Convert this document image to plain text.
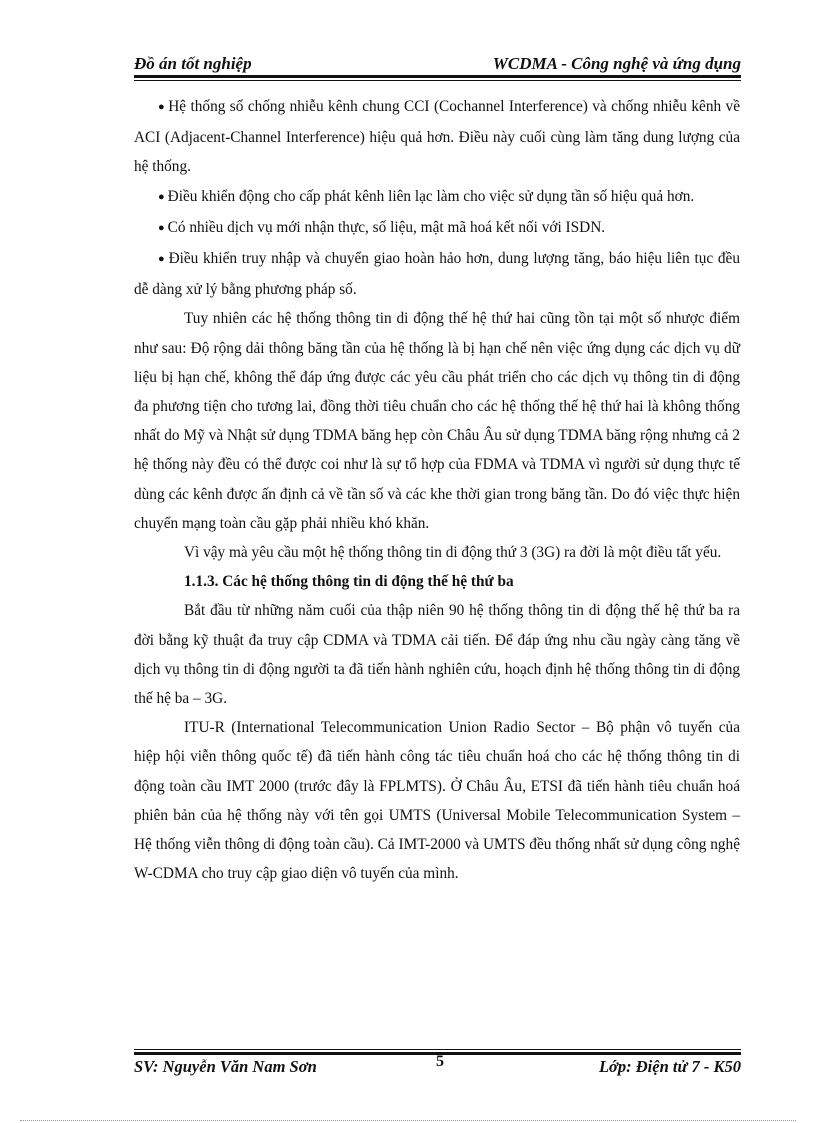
Đồ án tốt nghiệp	WCDMA - Công nghệ và ứng dụng

● Hệ thống số chống nhiễu kênh chung CCI (Cochannel Interference) và chống nhiễu kênh về ACI (Adjacent-Channel Interference) hiệu quả hơn. Điều này cuối cùng làm tăng dung lượng của hệ thống.

● Điều khiển động cho cấp phát kênh liên lạc làm cho việc sử dụng tần số hiệu quả hơn.

● Có nhiều dịch vụ mới nhận thực, số liệu, mật mã hoá kết nối với ISDN.

● Điều khiển truy nhập và chuyển giao hoàn hảo hơn, dung lượng tăng, báo hiệu liên tục đều dễ dàng xử lý bằng phương pháp số.

Tuy nhiên các hệ thống thông tin di động thế hệ thứ hai cũng tồn tại một số nhược điểm như sau: Độ rộng dải thông băng tần của hệ thống là bị hạn chế nên việc ứng dụng các dịch vụ dữ liệu bị hạn chế, không thể đáp ứng được các yêu cầu phát triển cho các dịch vụ thông tin di động đa phương tiện cho tương lai, đồng thời tiêu chuẩn cho các hệ thống thế hệ thứ hai là không thống nhất do Mỹ và Nhật sử dụng TDMA băng hẹp còn Châu Âu sử dụng TDMA băng rộng nhưng cả 2 hệ thống này đều có thể được coi như là sự tổ hợp của FDMA và TDMA vì người sử dụng thực tế dùng các kênh được ấn định cả về tần số và các khe thời gian trong băng tần. Do đó việc thực hiện chuyển mạng toàn cầu gặp phải nhiều khó khăn.

Vì vậy mà yêu cầu một hệ thống thông tin di động thứ 3 (3G) ra đời là một điều tất yếu.

1.1.3. Các hệ thống thông tin di động thế hệ thứ ba

Bắt đầu từ những năm cuối của thập niên 90 hệ thống thông tin di động thế hệ thứ ba ra đời bằng kỹ thuật đa truy cập CDMA và TDMA cải tiến. Để đáp ứng nhu cầu ngày càng tăng về dịch vụ thông tin di động người ta đã tiến hành nghiên cứu, hoạch định hệ thống thông tin di động thế hệ ba – 3G.

ITU-R (International Telecommunication Union Radio Sector – Bộ phận vô tuyến của hiệp hội viễn thông quốc tế) đã tiến hành công tác tiêu chuẩn hoá cho các hệ thống thông tin di động toàn cầu IMT 2000 (trước đây là FPLMTS). Ở Châu Âu, ETSI đã tiến hành tiêu chuẩn hoá phiên bản của hệ thống này với tên gọi UMTS (Universal Mobile Telecommunication System – Hệ thống viễn thông di động toàn cầu). Cả IMT-2000 và UMTS đều thống nhất sử dụng công nghệ W-CDMA cho truy cập giao diện vô tuyến của mình.

SV: Nguyễn Văn Nam Sơn	5	Lớp: Điện tử 7 - K50
